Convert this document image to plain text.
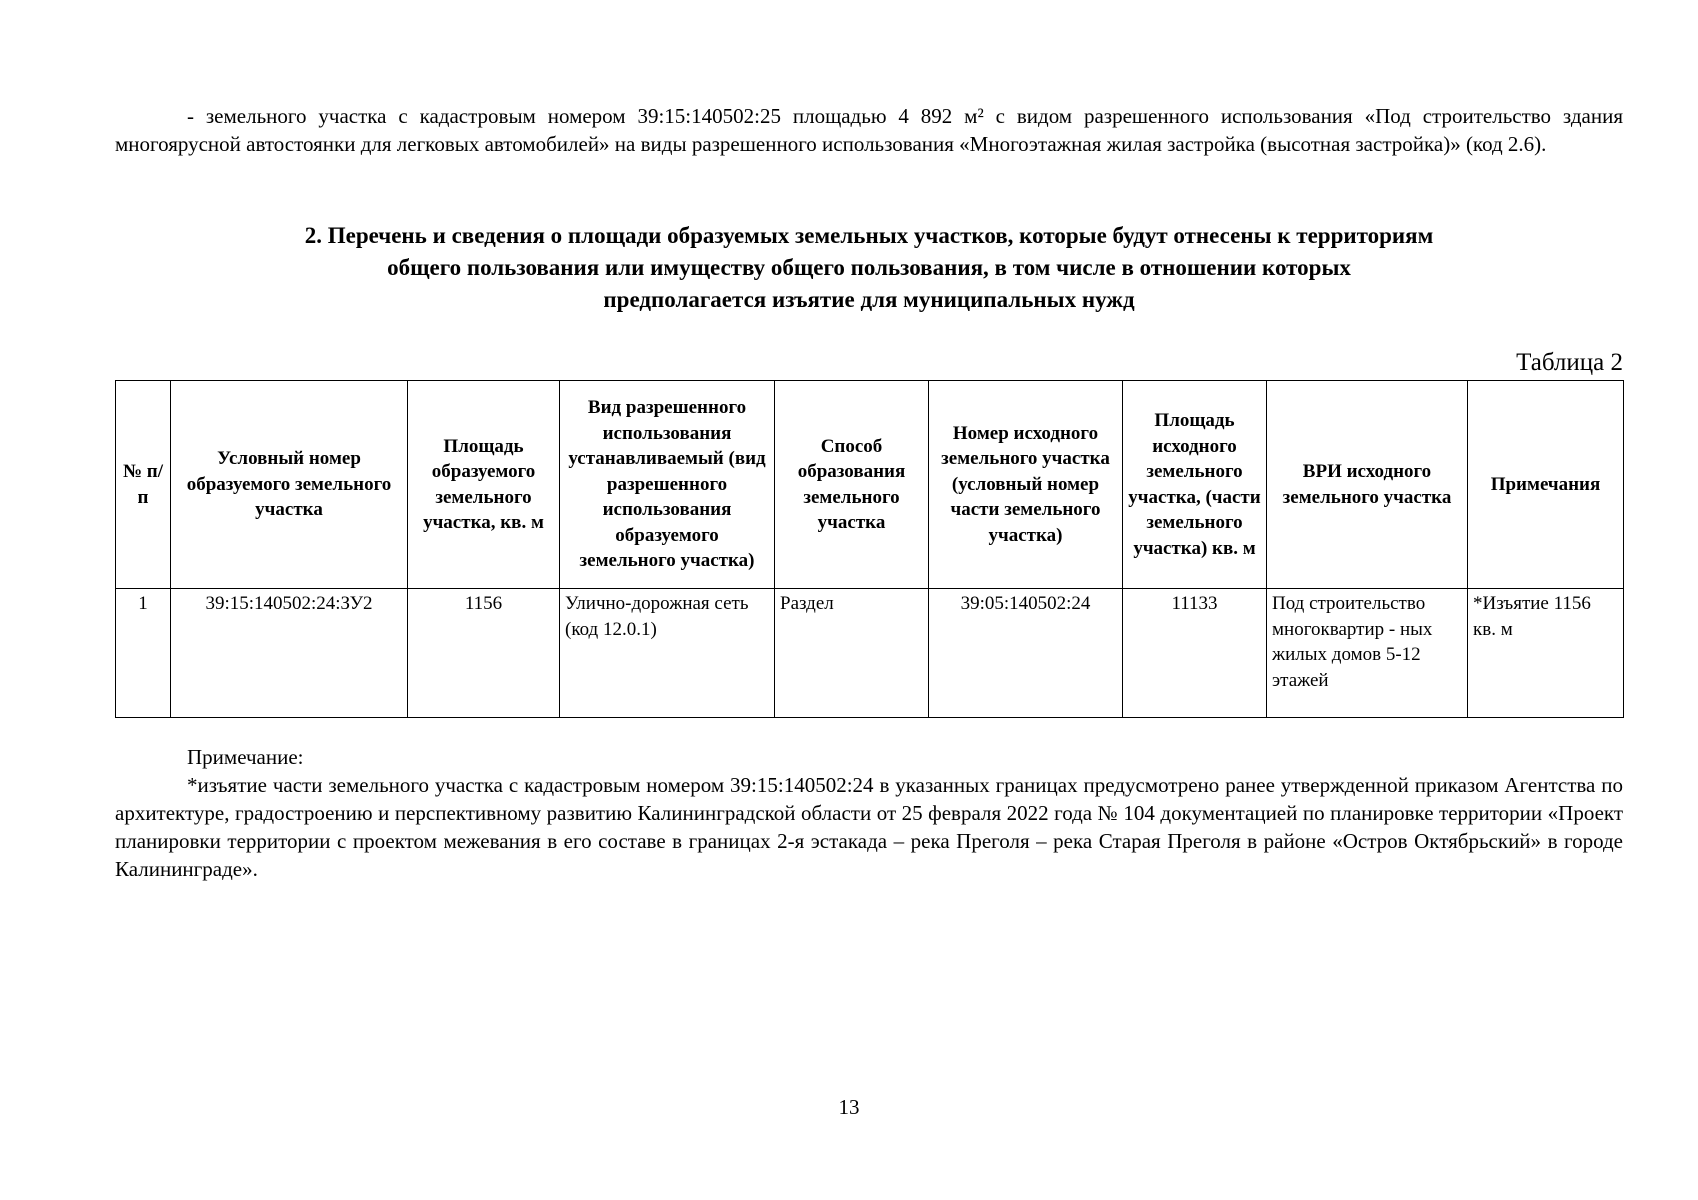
- земельного участка с кадастровым номером 39:15:140502:25 площадью 4 892 м² с видом разрешенного использования «Под строительство здания многоярусной автостоянки для легковых автомобилей» на виды разрешенного использования «Многоэтажная жилая застройка (высотная застройка)» (код 2.6).
2. Перечень и сведения о площади образуемых земельных участков, которые будут отнесены к территориям
общего пользования или имуществу общего пользования, в том числе в отношении которых
предполагается изъятие для муниципальных нужд
Таблица 2
№ п/п	Условный номер образуемого земельного участка	Площадь образуемого земельного участка, кв. м	Вид разрешенного использования устанавливаемый (вид разрешенного использования образуемого земельного участка)	Способ образования земельного участка	Номер исходного земельного участка (условный номер части земельного участка)	Площадь исходного земельного участка, (части земельного участка) кв. м	ВРИ исходного земельного участка	Примечания
1	39:15:140502:24:ЗУ2	1156	Улично-дорожная сеть (код 12.0.1)	Раздел	39:05:140502:24	11133	Под строительство многоквартир - ных жилых домов 5-12 этажей	*Изъятие 1156 кв. м
Примечание:
*изъятие части земельного участка с кадастровым номером 39:15:140502:24 в указанных границах предусмотрено ранее утвержденной приказом Агентства по архитектуре, градостроению и перспективному развитию Калининградской области от 25 февраля 2022 года № 104 документацией по планировке территории «Проект планировки территории с проектом межевания в его составе в границах 2-я эстакада – река Преголя – река Старая Преголя в районе «Остров Октябрьский» в городе Калининграде».
13
